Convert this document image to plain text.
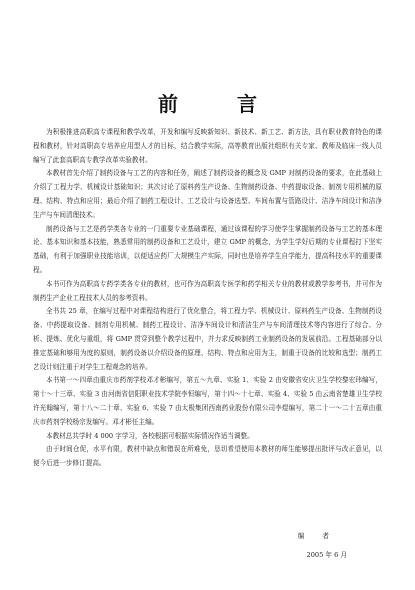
前 言

为积极推进高职高专课程和教学改革，开发和编写反映新知识、新技术、新工艺、新方法，具有职业教育特色的课程和教材，针对高职高专培养应用型人才的目标，结合教学实际，高等教育出版社组织有关专家、教师及临床一线人员编写了此套高职高专教学改革实验教材。

本教材首先介绍了制药设备与工艺的内容和任务，阐述了制药设备的概念及 GMP 对制药设备的要求，在此基础上介绍了工程力学、机械设计基础知识；其次讨论了原料药生产设备、生物制药设备、中药提取设备、制剂专用机械的原理、结构、特点和应用；最后介绍了制药工程设计、工艺设计与设备选型、车间布置与管路设计、洁净车间设计和洁净生产与车间清理技术。

制药设备与工艺是药学类各专业的一门重要专业基础课程，通过该课程的学习使学生掌握制药设备与工艺的基本理论、基本知识和基本技能，熟悉常用的制药设备和工艺设计，建立 GMP 的概念，为学生学好后期的专业课程打下坚实基础，有利于加强职业技能培训，以便适应药厂大规模生产实际，同时也是培养学生自学能力，提高科技水平的重要课程。

本书可作为高职高专药学类各专业的教材，也可作为高职高专医学和药学相关专业的教材或教学参考书，并可作为制药生产企业工程技术人员的参考资料。

全书共 25 章，在编写过程中对课程结构进行了优化整合，将工程力学、机械设计、原料药生产设备、生物制药设备、中药提取设备、制剂专用机械、制药工程设计、洁净车间设计和清洁生产与车间清理技术等内容进行了综合、分析、提炼、优化与重组，将 GMP 贯穿到整个教学过程中，并力求反映制药工业制药设备的发展前沿。工程基础部分以推定基础和够用为度的原则，制药设备以介绍设备的原理、结构、特点和应用为主，制重于设备的比较和选型；制药工艺设计则注重于对学生工程观念的培养。

本书第一～四章由重庆市药剂学校邓才彬编写，第五～九章、实验 1、实验 2 由安徽省安庆卫生学校黎宏玮编写，第十～十三章、实验 3 由河南省信阳职业技术学院李恒编写，第十四～十七章、实验 4、实验 5 由云南省楚雄卫生学校许光翰编写，第十八～二十章、实验 6、实验 7 由太极集团西南药业股份有限公司李煜编写，第二十一～二十五章由重庆市药剂学校杨宗发编写。邓才彬任主编。

本教材总共学时 4 000 字学习，各校根据可根据实际情况作适当调整。

由于时间仓促，水平有限，教材中缺点和错误在所难免，恳切希望使用本教材的师生能够提出批评与改正意见，以便今后进一步修订提高。

编 者
2005 年 6 月
